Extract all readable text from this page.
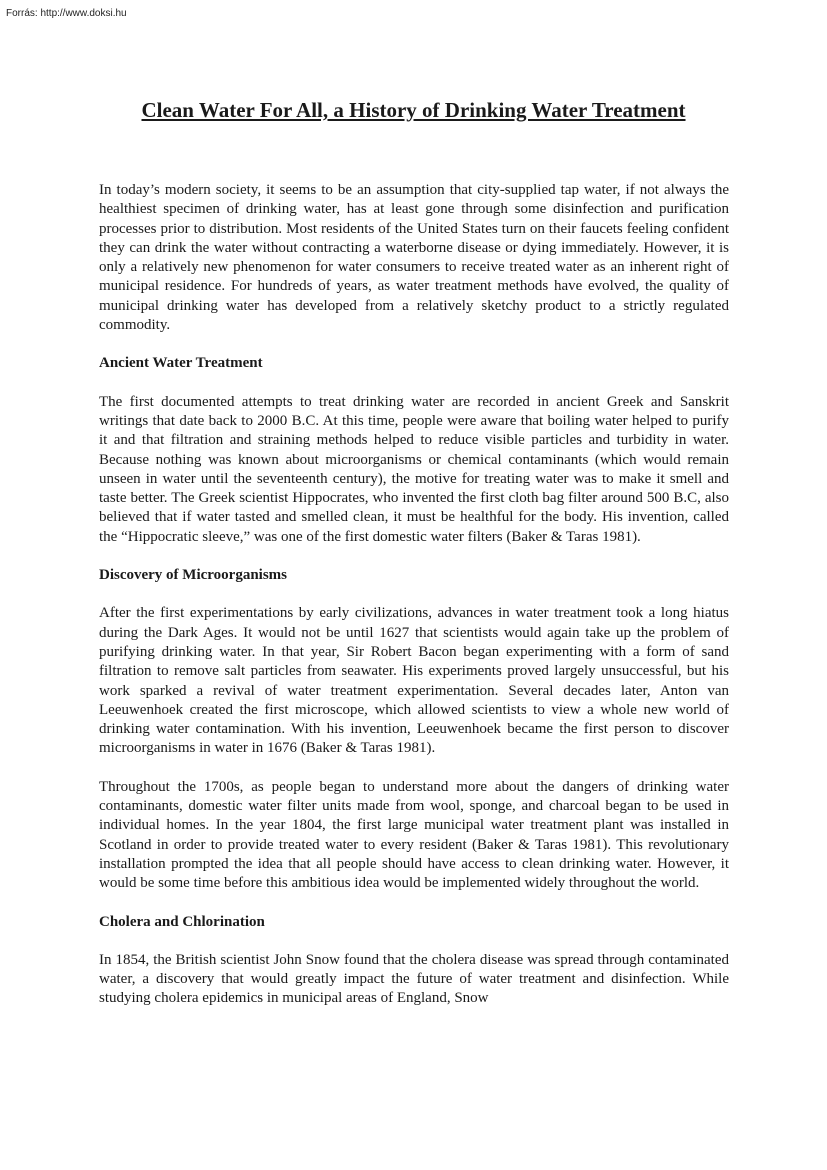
Forrás: http://www.doksi.hu
Clean Water For All, a History of Drinking Water Treatment

In today’s modern society, it seems to be an assumption that city-supplied tap water, if not always the healthiest specimen of drinking water, has at least gone through some disinfection and purification processes prior to distribution. Most residents of the United States turn on their faucets feeling confident they can drink the water without contracting a waterborne disease or dying immediately. However, it is only a relatively new phenomenon for water consumers to receive treated water as an inherent right of municipal residence. For hundreds of years, as water treatment methods have evolved, the quality of municipal drinking water has developed from a relatively sketchy product to a strictly regulated commodity.

Ancient Water Treatment

The first documented attempts to treat drinking water are recorded in ancient Greek and Sanskrit writings that date back to 2000 B.C. At this time, people were aware that boiling water helped to purify it and that filtration and straining methods helped to reduce visible particles and turbidity in water. Because nothing was known about microorganisms or chemical contaminants (which would remain unseen in water until the seventeenth century), the motive for treating water was to make it smell and taste better. The Greek scientist Hippocrates, who invented the first cloth bag filter around 500 B.C, also believed that if water tasted and smelled clean, it must be healthful for the body. His invention, called the “Hippocratic sleeve,” was one of the first domestic water filters (Baker & Taras 1981).

Discovery of Microorganisms

After the first experimentations by early civilizations, advances in water treatment took a long hiatus during the Dark Ages. It would not be until 1627 that scientists would again take up the problem of purifying drinking water. In that year, Sir Robert Bacon began experimenting with a form of sand filtration to remove salt particles from seawater. His experiments proved largely unsuccessful, but his work sparked a revival of water treatment experimentation. Several decades later, Anton van Leeuwenhoek created the first microscope, which allowed scientists to view a whole new world of drinking water contamination. With his invention, Leeuwenhoek became the first person to discover microorganisms in water in 1676 (Baker & Taras 1981).

Throughout the 1700s, as people began to understand more about the dangers of drinking water contaminants, domestic water filter units made from wool, sponge, and charcoal began to be used in individual homes. In the year 1804, the first large municipal water treatment plant was installed in Scotland in order to provide treated water to every resident (Baker & Taras 1981). This revolutionary installation prompted the idea that all people should have access to clean drinking water. However, it would be some time before this ambitious idea would be implemented widely throughout the world.

Cholera and Chlorination

In 1854, the British scientist John Snow found that the cholera disease was spread through contaminated water, a discovery that would greatly impact the future of water treatment and disinfection. While studying cholera epidemics in municipal areas of England, Snow
